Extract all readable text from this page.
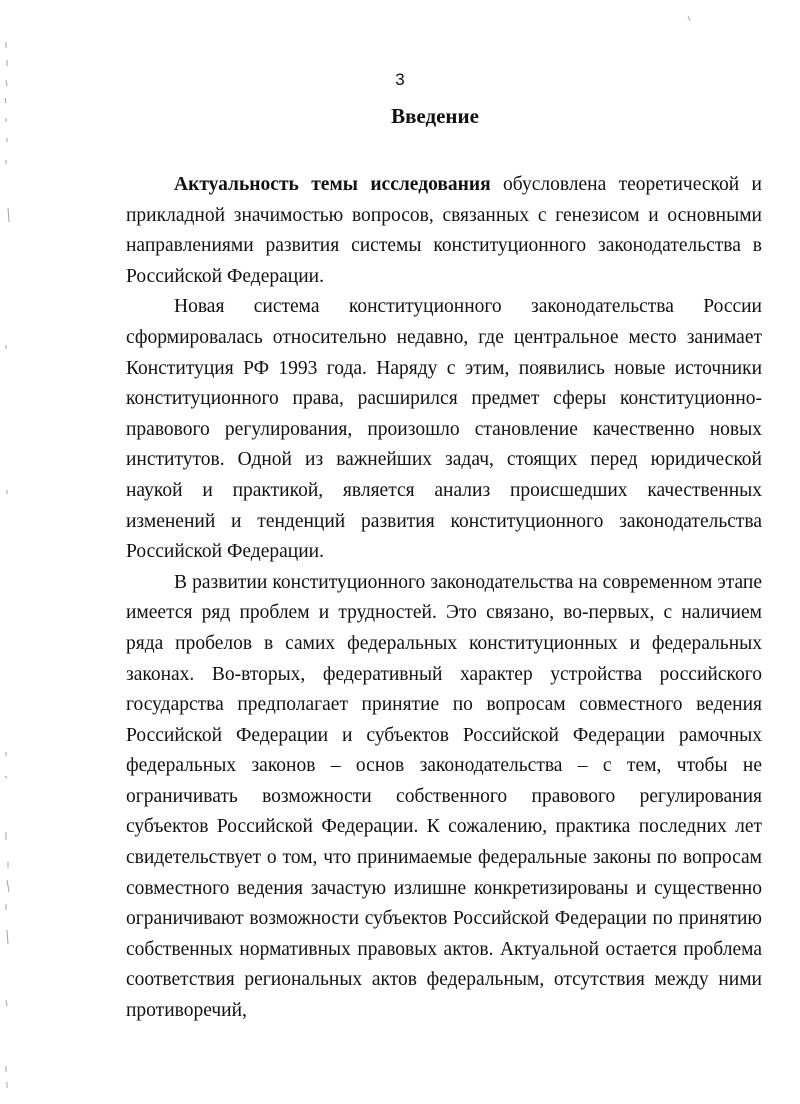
3
Введение

Актуальность темы исследования обусловлена теоретической и прикладной значимостью вопросов, связанных с генезисом и основными направлениями развития системы конституционного законодательства в Российской Федерации.

Новая система конституционного законодательства России сформировалась относительно недавно, где центральное место занимает Конституция РФ 1993 года. Наряду с этим, появились новые источники конституционного права, расширился предмет сферы конституционно-правового регулирования, произошло становление качественно новых институтов. Одной из важнейших задач, стоящих перед юридической наукой и практикой, является анализ происшедших качественных изменений и тенденций развития конституционного законодательства Российской Федерации.

В развитии конституционного законодательства на современном этапе имеется ряд проблем и трудностей. Это связано, во-первых, с наличием ряда пробелов в самих федеральных конституционных и федеральных законах. Во-вторых, федеративный характер устройства российского государства предполагает принятие по вопросам совместного ведения Российской Федерации и субъектов Российской Федерации рамочных федеральных законов – основ законодательства – с тем, чтобы не ограничивать возможности собственного правового регулирования субъектов Российской Федерации. К сожалению, практика последних лет свидетельствует о том, что принимаемые федеральные законы по вопросам совместного ведения зачастую излишне конкретизированы и существенно ограничивают возможности субъектов Российской Федерации по принятию собственных нормативных правовых актов. Актуальной остается проблема соответствия региональных актов федеральным, отсутствия между ними противоречий,
